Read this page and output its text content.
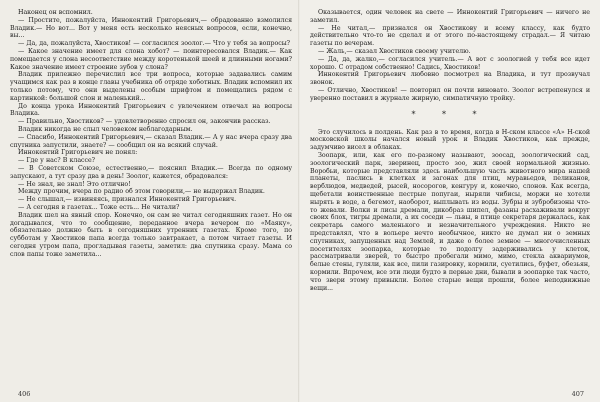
Наконец он вспомнил.

— Простите, пожалуйста, Иннокентий Григорьевич,— обрадованно взмолился Владик.— Но вот... Вот у меня есть несколько неясных вопросов, если, конечно, вы...

— Да, да, пожалуйста, Хвостиков! — согласился зоолог.— Что у тебя за вопросы?

— Какое значение имеет для слона хобот? — поинтересовался Владик.— Как помещается у слона несоответствие между коротенькой шеей и длинными ногами? Какое значение имеет строение зубов у слона?

Владик прилежно перечислил все три вопроса, которые задавались самим учащимся как раз в конце главы учебника об отряде хоботных. Владик вспомнил их только потому, что они выделены особым шрифтом и помещались рядом с картинкой: большой слон и маленький...

До конца урока Иннокентий Григорьевич с увлечением отвечал на вопросы Владика.

— Правильно, Хвостиков? — удовлетворенно спросил он, закончив рассказ.

Владик никогда не слыл человеком неблагодарным.

— Спасибо, Иннокентий Григорьевич,— сказал Владик.— А у нас вчера сразу два спутника запустили, знаете? — сообщил он на всякий случай.

Иннокентий Григорьевич не понял:

— Где у нас? В классе?

— В Советском Союзе, естественно,— пояснил Владик.— Всегда по одному запускают, а тут сразу два в день! Зоолог, кажется, обрадовался:

— Не знал, не знал! Это отлично!

Между прочим, вчера по радио об этом говорили,— не выдержал Владик.

— Не слышал,— извиняясь, признался Иннокентий Григорьевич.

— А сегодня в газетах... Тоже есть... Не читали?

Владик шел на явный спор. Конечно, он сам не читал сегодняшних газет. Но он догадывался, что то сообщение, переданное вчера вечером по «Маяку», обязательно должно быть в сегодняшних утренних газетах. Кроме того, по субботам у Хвостиков папа всегда только завтракает, а потом читает газеты. И сегодня утром папа, прогладывая газеты, заметил: два спутника сразу. Мама со слов папы тоже заметила...

406

Оказывается, один человек на свете — Иннокентий Григорьевич — ничего не заметил.

— Не читал,— признался он Хвостикову и всему классу, как будто действительно что-то не сделал и от этого по-настоящему страдал.— Я читаю газеты по вечерам.

— Жаль,— сказал Хвостиков своему учителю.

— Да, да, жалко,— согласился учитель.— А вот с зоологией у тебя все идет хорошо. С отрадом собственно! Садись, Хвостиков!

Иннокентий Григорьевич любовно посмотрел на Владика, и тут прозвучал звонок.

— Отлично, Хвостиков! — повторил он почти виновато. Зоолог встрепенулся и уверенно поставил в журнале жирную, симпатичную тройку.

* * *

Это случилось в полдень. Как раз в то время, когда в Н-ском классе «А» Н-ской московской школы начался новый урок и Владик Хвостиков, как прежде, задумчиво висел в облаках.

Зоопарк, или, как его по-разному называют, зоосад, зоологический сад, зоологический парк, зверинец, просто зоо, жил своей нормальной жизнью. Воробьи, которые представляли здесь наибольшую часть животного мира нашей планеты, паслись в клетках и загонах для птиц, муравьедов, пеликанов, верблюдов, медведей, рысей, носорогов, кенгуру и, конечно, слонов. Как всегда, щебетали воинственные пестрые попугаи, ныряли чибисы, моржи не хотели нырять в воде, а бегемот, наоборот, выплывать из воды. Зубры и зубробизоны что-то жевали. Волки и лисы дремали, дикобраз шипел, фазаны расхаживали вокруг своих блох, тигры дремали, а их соседи — львы, в птице секретаря держалась, как секретарь самого маленького и незначительного учреждения. Никто не представлял, что в вольере нечто необычное, никто не думал ни о земных спутниках, запущенных над Землей, и даже о более земное — многочисленных посетителях зоопарка, которые то подолгу задерживались у клеток, рассматривали зверей, то быстро пробегали мимо, мимо, стекла аквариумов, белые стены, гуляли, как все, пили газировку, кормили, суетились, буфет, обезьян, кормили. Впрочем, все эти люди будто в первые дни, бывали в зоопарке так часто, что звери этому привыкли. Более старые вещи прошли, более неподвижные вещи...

407
